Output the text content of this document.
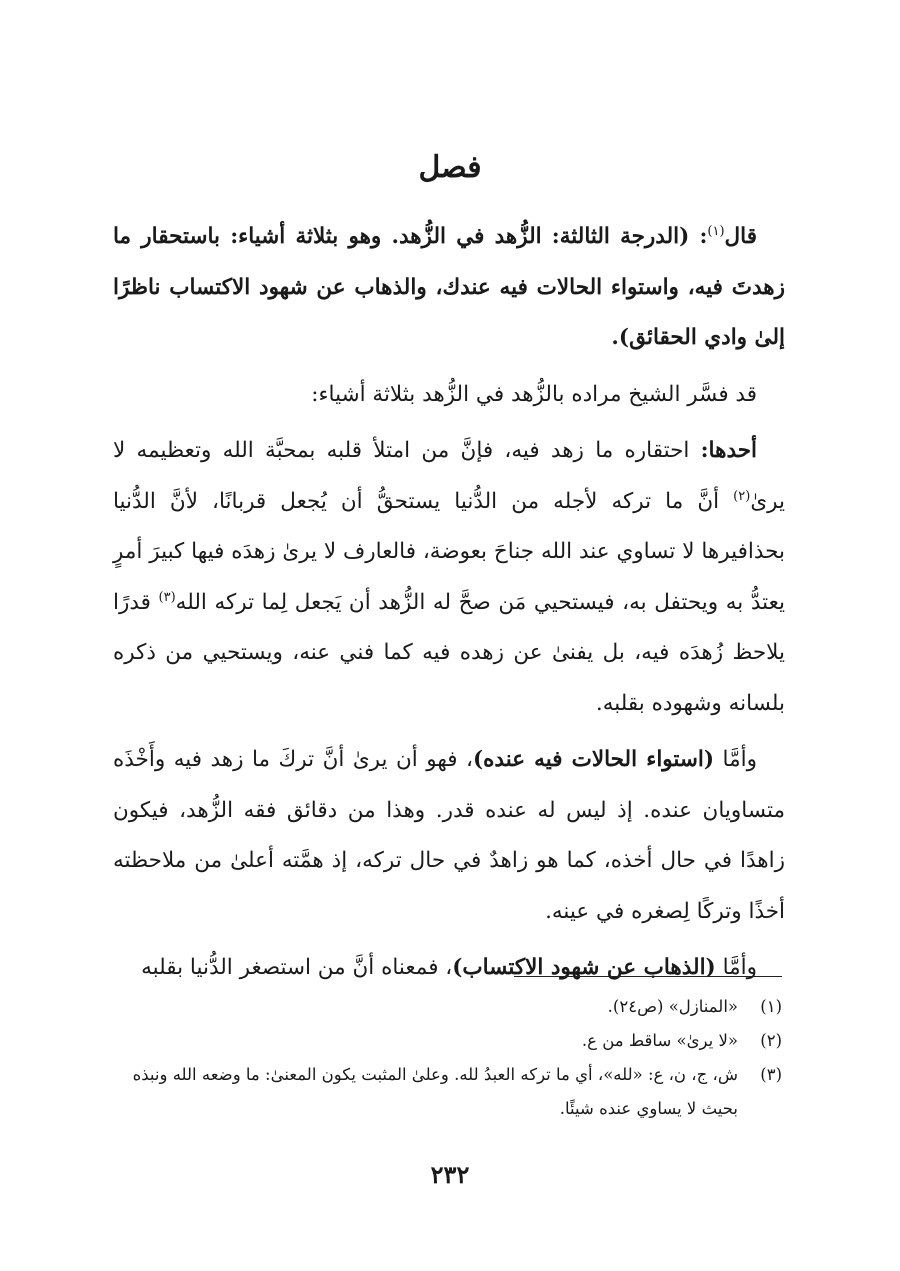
فصل

قال$^{(١)}$: (الدرجة الثالثة: الزُّهد في الزُّهد. وهو بثلاثة أشياء: باستحقار ما زهدتَ فيه، واستواء الحالات فيه عندك، والذهاب عن شهود الاكتساب ناظرًا إلىٰ وادي الحقائق).

قد فسَّر الشيخ مراده بالزُّهد في الزُّهد بثلاثة أشياء:

أحدها: احتقاره ما زهد فيه، فإنَّ من امتلأ قلبه بمحبَّة الله وتعظيمه لا يرىٰ$^{(٢)}$ أنَّ ما تركه لأجله من الدُّنيا يستحقُّ أن يُجعل قربانًا، لأنَّ الدُّنيا بحذافيرها لا تساوي عند الله جناحَ بعوضة، فالعارف لا يرىٰ زهدَه فيها كبيرَ أمرٍ يعتدُّ به ويحتفل به، فيستحيي مَن صحَّ له الزُّهد أن يَجعل لِما تركه الله$^{(٣)}$ قدرًا يلاحظ زُهدَه فيه، بل يفنىٰ عن زهده فيه كما فني عنه، ويستحيي من ذكره بلسانه وشهوده بقلبه.

وأمَّا (استواء الحالات فيه عنده)، فهو أن يرىٰ أنَّ تركَ ما زهد فيه وأَخْذَه متساويان عنده. إذ ليس له عنده قدر. وهذا من دقائق فقه الزُّهد، فيكون زاهدًا في حال أخذه، كما هو زاهدٌ في حال تركه، إذ همَّته أعلىٰ من ملاحظته أخذًا وتركًا لِصغره في عينه.

وأمَّا (الذهاب عن شهود الاكتساب)، فمعناه أنَّ من استصغر الدُّنيا بقلبه

(١)
«المنازل» (ص٢٤).
(٢)
«لا يرىٰ» ساقط من ع.
(٣)
ش، ج، ن، ع: «لله»، أي ما تركه العبدُ لله. وعلىٰ المثبت يكون المعنىٰ: ما وضعه الله ونبذه بحيث لا يساوي عنده شيئًا.
٢٣٢
